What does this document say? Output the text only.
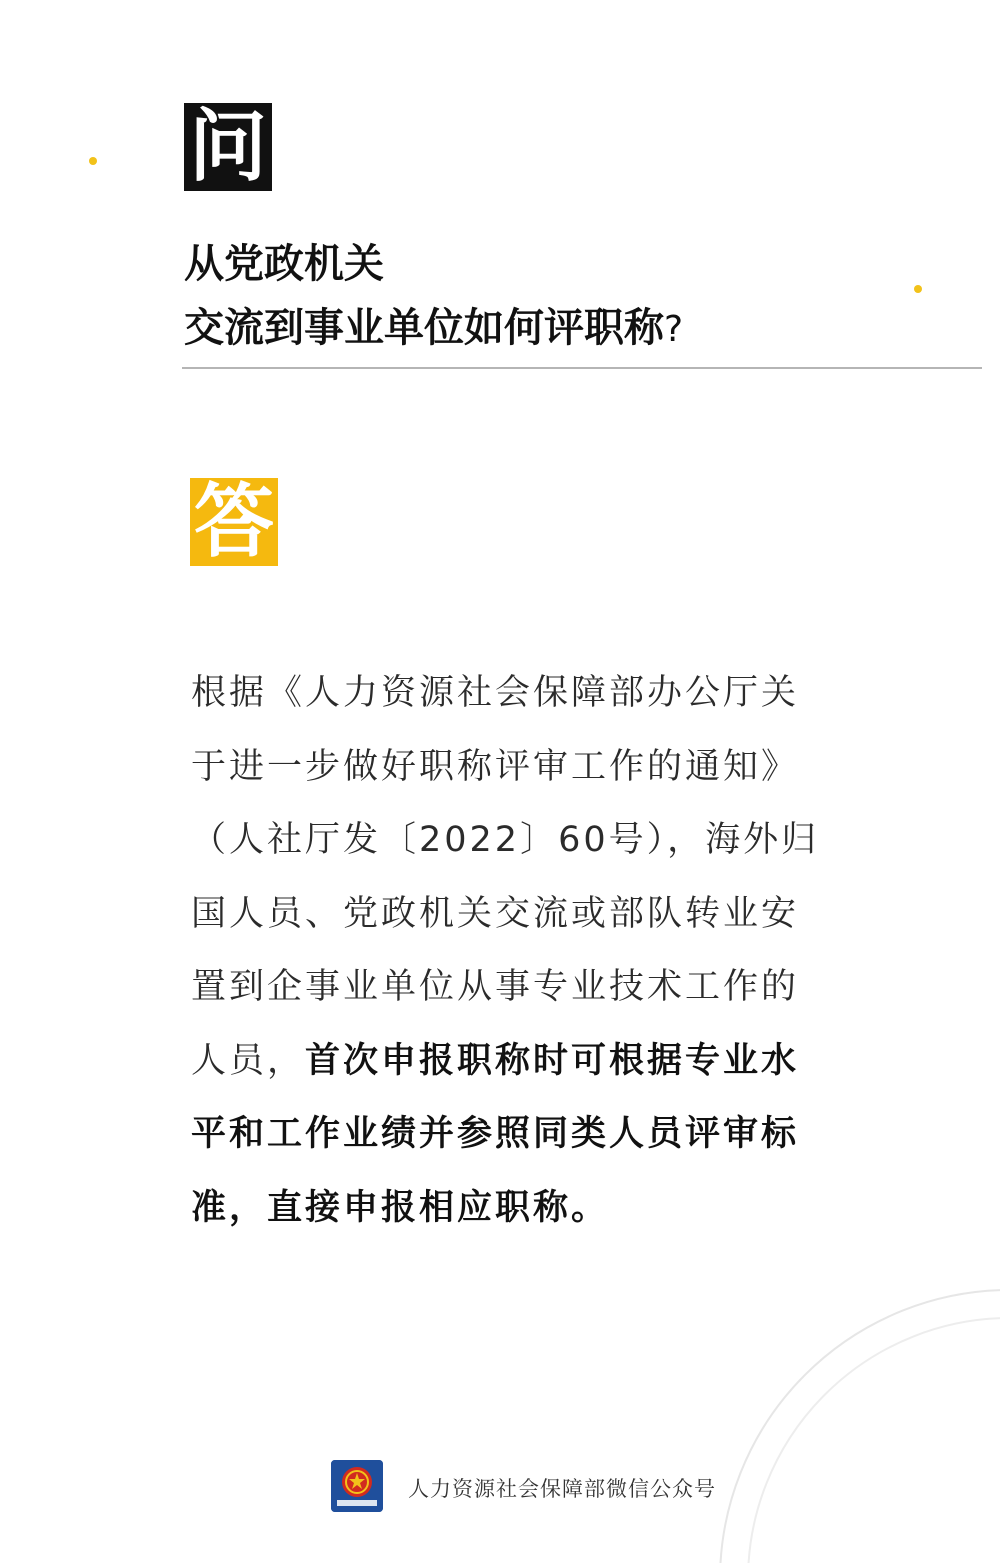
问
从党政机关
交流到事业单位如何评职称?
答
根据《人力资源社会保障部办公厅关于进一步做好职称评审工作的通知》（人社厅发〔2022〕60号），海外归国人员、党政机关交流或部队转业安置到企事业单位从事专业技术工作的人员，首次申报职称时可根据专业水平和工作业绩并参照同类人员评审标准，直接申报相应职称。
人力资源社会保障部微信公众号
